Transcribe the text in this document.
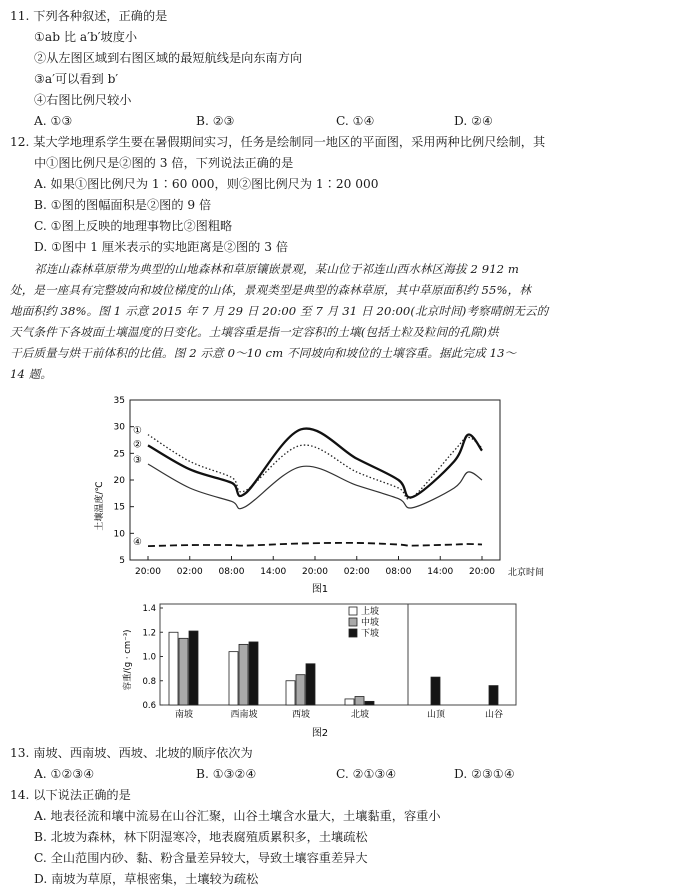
11. 下列各种叙述，正确的是
①ab 比 a′b′坡度小
②从左图区域到右图区域的最短航线是向东南方向
③a′可以看到 b′
④右图比例尺较小
A. ①③	B. ②③	C. ①④	D. ②④
12. 某大学地理系学生要在暑假期间实习，任务是绘制同一地区的平面图，采用两种比例尺绘制，其
中①图比例尺是②图的 3 倍，下列说法正确的是
A. 如果①图比例尺为 1∶60 000，则②图比例尺为 1∶20 000
B. ①图的图幅面积是②图的 9 倍
C. ①图上反映的地理事物比②图粗略
D. ①图中 1 厘米表示的实地距离是②图的 3 倍
祁连山森林草原带为典型的山地森林和草原镶嵌景观，某山位于祁连山西水林区海拔 2 912 m
处，是一座具有完整坡向和坡位梯度的山体，景观类型是典型的森林草原，其中草原面积约 55%，林
地面积约 38%。图 1 示意 2015 年 7 月 29 日 20:00 至 7 月 31 日 20:00(北京时间)考察晴朗无云的
天气条件下各坡面土壤温度的日变化。土壤容重是指一定容积的土壤(包括土粒及粒间的孔隙)烘
干后质量与烘干前体积的比值。图 2 示意 0～10 cm 不同坡向和坡位的土壤容重。据此完成 13～
14 题。
5
10
15
20
25
30
35
20:00 02:00 08:00 14:00 20:00 02:00 08:00 14:00 20:00
①
②
③
④
土壤温度/℃
北京时间
图1
0.6
0.8
1.0
1.2
1.4
南坡	西南坡	西坡	北坡	山顶	山谷
上坡
中坡
下坡
容重/(g · cm⁻³)
图2
13. 南坡、西南坡、西坡、北坡的顺序依次为
A. ①②③④	B. ①③②④	C. ②①③④	D. ②③①④
14. 以下说法正确的是
A. 地表径流和壤中流易在山谷汇聚，山谷土壤含水量大，土壤黏重，容重小
B. 北坡为森林，林下阴湿寒冷，地表腐殖质累积多，土壤疏松
C. 全山范围内砂、黏、粉含量差异较大，导致土壤容重差异大
D. 南坡为草原，草根密集，土壤较为疏松
